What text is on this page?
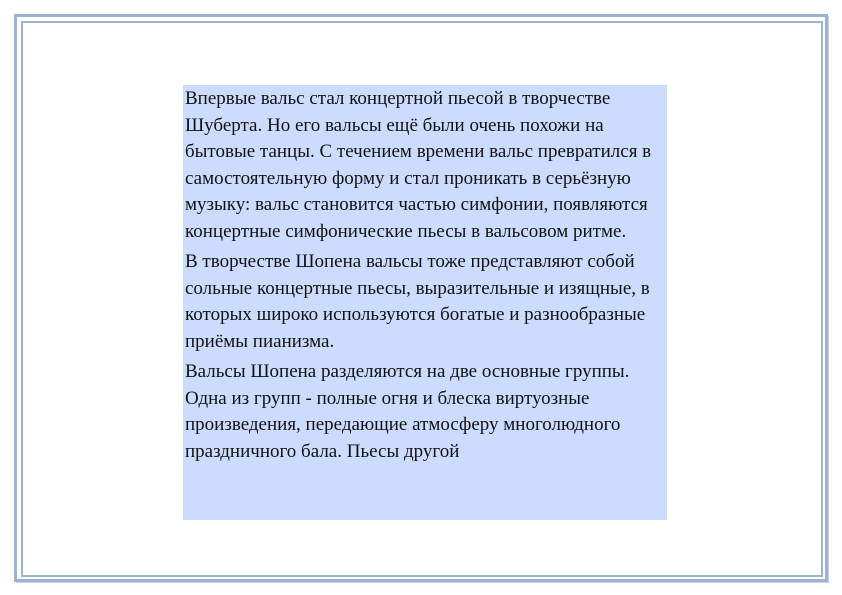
Впервые вальс стал концертной пьесой в творчестве Шуберта. Но его вальсы ещё были очень похожи на бытовые танцы. С течением времени вальс превратился в самостоятельную форму и стал проникать в серьёзную музыку: вальс становится частью симфонии, появляются концертные симфонические пьесы в вальсовом ритме.

В творчестве Шопена вальсы тоже представляют собой сольные концертные пьесы, выразительные и изящные, в которых широко используются богатые и разнообразные приёмы пианизма.

Вальсы Шопена разделяются на две основные группы. Одна из групп - полные огня и блеска виртуозные произведения, передающие атмосферу многолюдного праздничного бала. Пьесы другой
